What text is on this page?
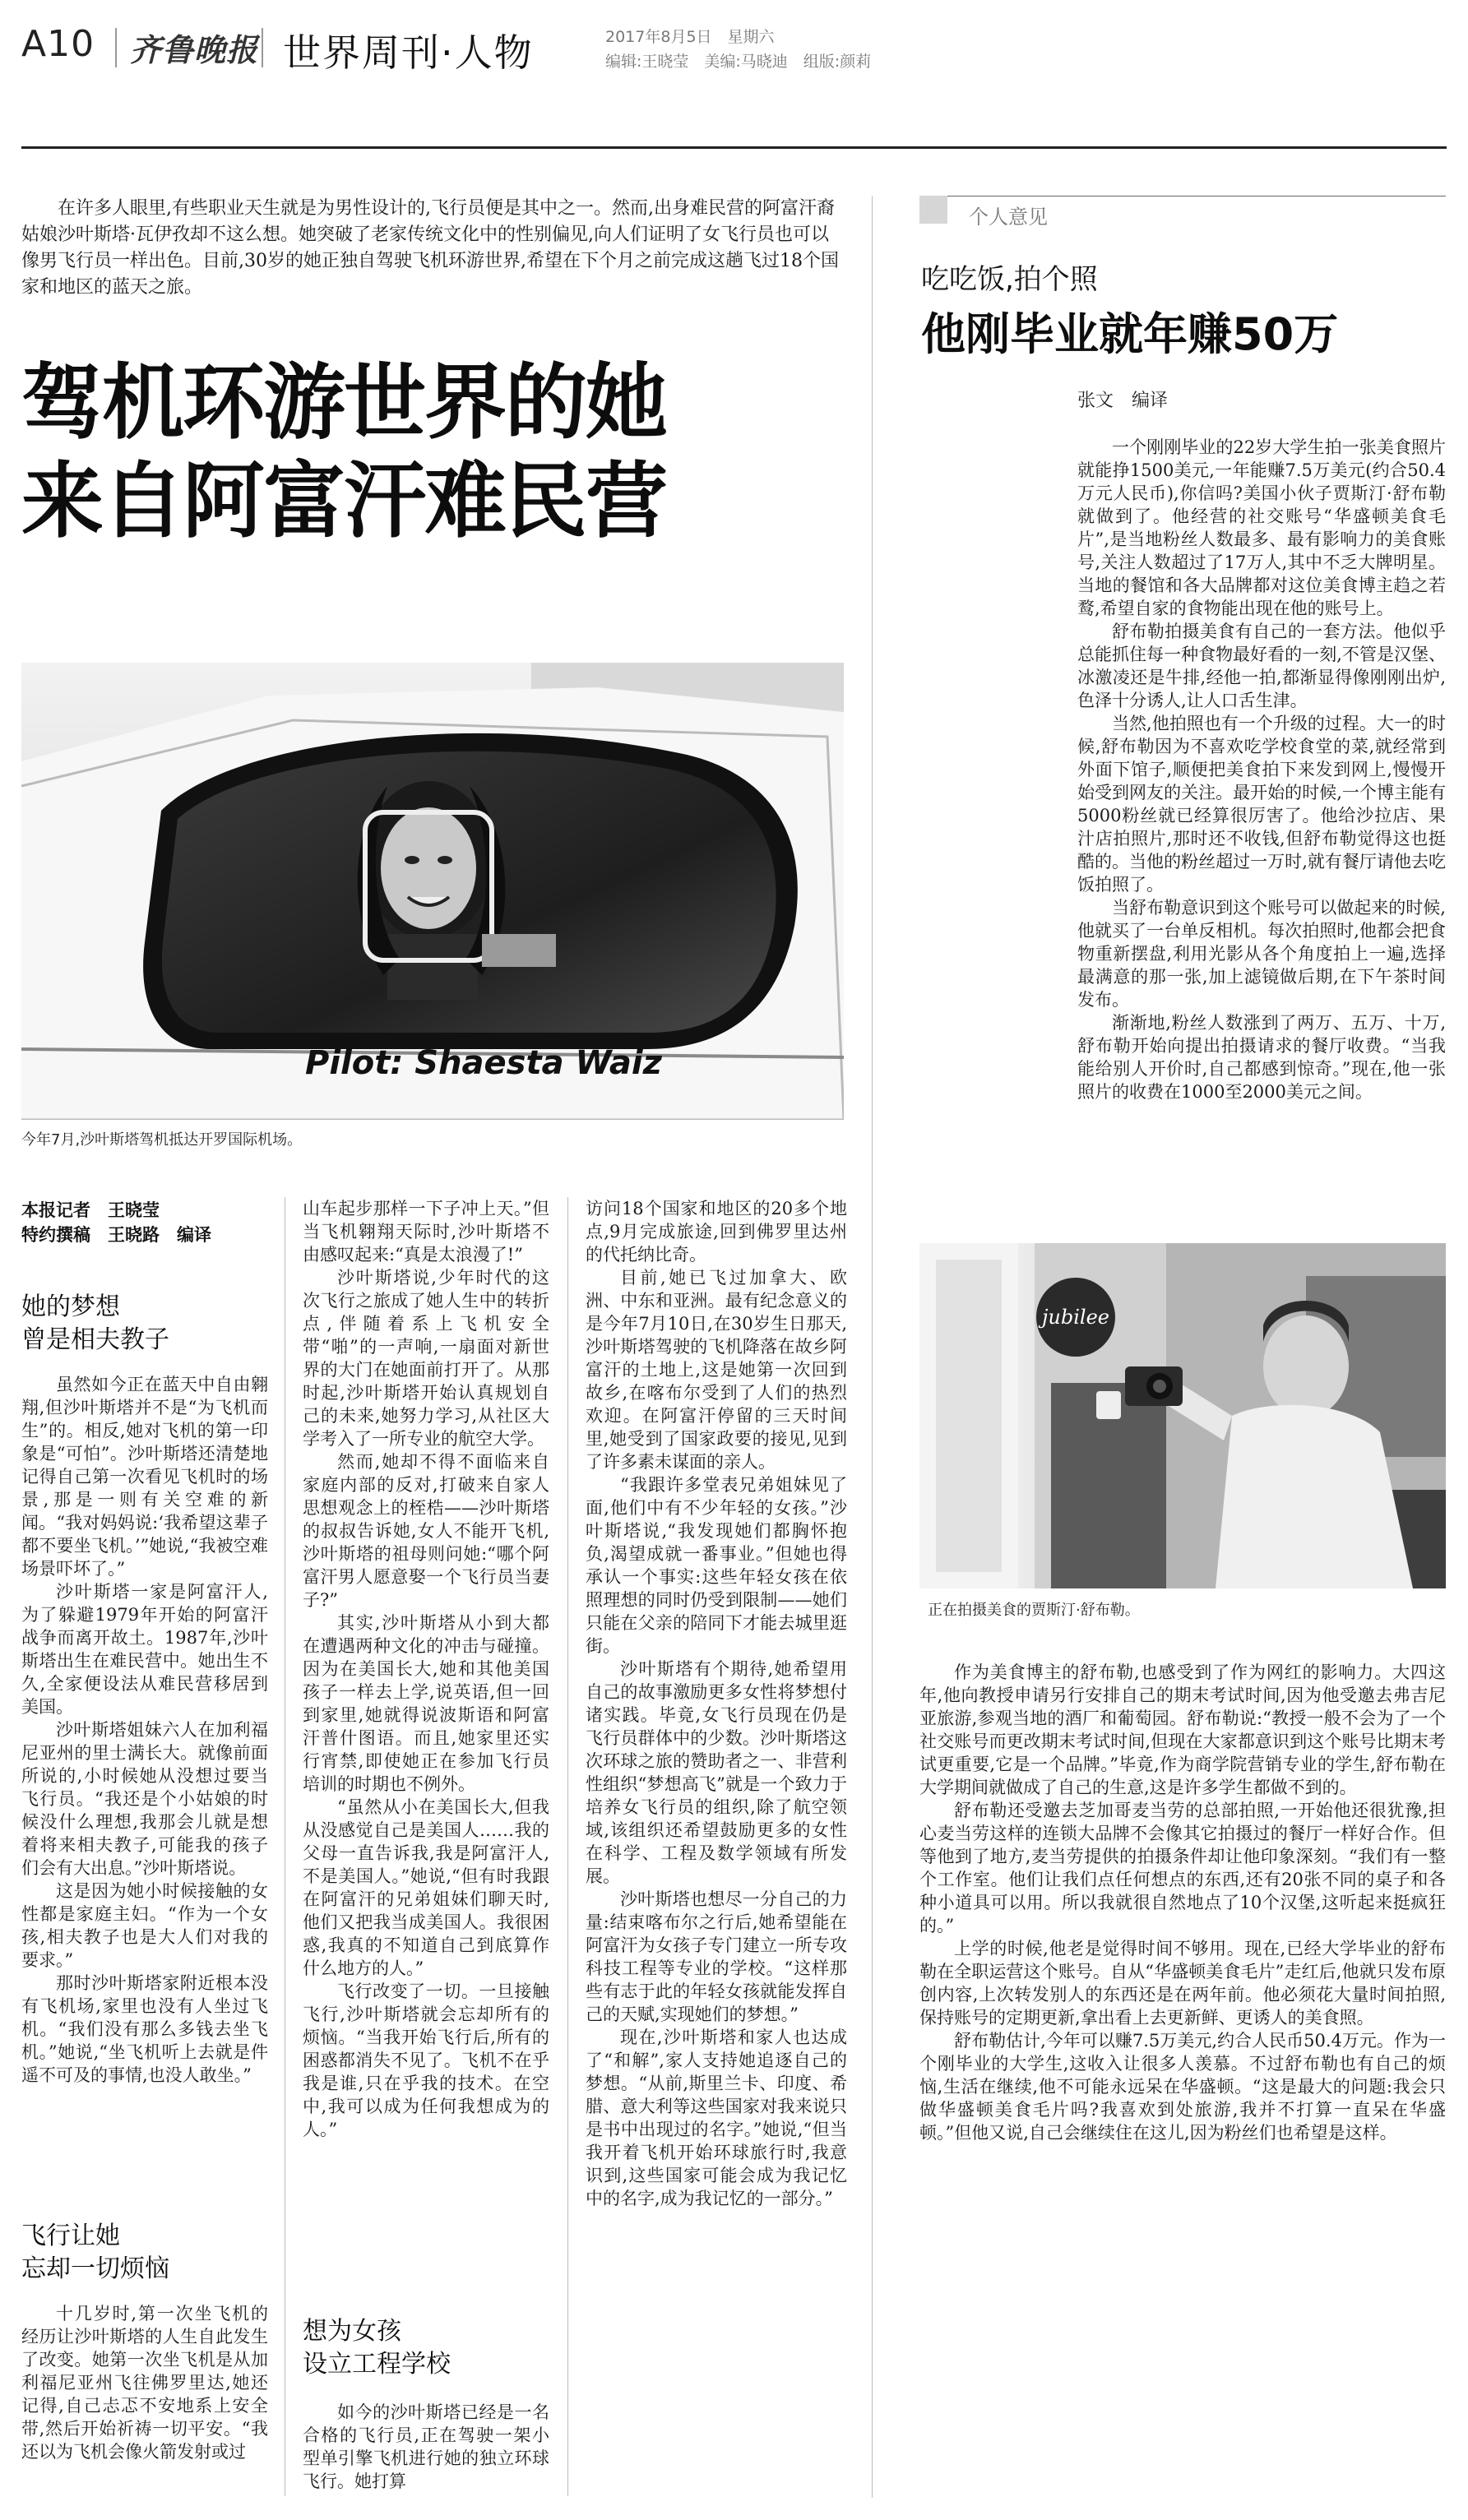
A10 齐鲁晚报 世界周刊·人物	2017年8月5日　星期六
编辑:王晓莹　美编:马晓迪　组版:颜莉
在许多人眼里,有些职业天生就是为男性设计的,飞行员便是其中之一。然而,出身难民营的阿富汗裔姑娘沙叶斯塔·瓦伊孜却不这么想。她突破了老家传统文化中的性别偏见,向人们证明了女飞行员也可以像男飞行员一样出色。目前,30岁的她正独自驾驶飞机环游世界,希望在下个月之前完成这趟飞过18个国家和地区的蓝天之旅。
驾机环游世界的她
来自阿富汗难民营
Pilot: Shaesta Waiz
今年7月,沙叶斯塔驾机抵达开罗国际机场。
本报记者　王晓莹
特约撰稿　王晓路　编译
她的梦想
曾是相夫教子

虽然如今正在蓝天中自由翱翔,但沙叶斯塔并不是“为飞机而生”的。相反,她对飞机的第一印象是“可怕”。沙叶斯塔还清楚地记得自己第一次看见飞机时的场景,那是一则有关空难的新闻。“我对妈妈说:‘我希望这辈子都不要坐飞机。’”她说,“我被空难场景吓坏了。”

沙叶斯塔一家是阿富汗人,为了躲避1979年开始的阿富汗战争而离开故土。1987年,沙叶斯塔出生在难民营中。她出生不久,全家便设法从难民营移居到美国。

沙叶斯塔姐妹六人在加利福尼亚州的里士满长大。就像前面所说的,小时候她从没想过要当飞行员。“我还是个小姑娘的时候没什么理想,我那会儿就是想着将来相夫教子,可能我的孩子们会有大出息。”沙叶斯塔说。

这是因为她小时候接触的女性都是家庭主妇。“作为一个女孩,相夫教子也是大人们对我的要求。”

那时沙叶斯塔家附近根本没有飞机场,家里也没有人坐过飞机。“我们没有那么多钱去坐飞机。”她说,“坐飞机听上去就是件遥不可及的事情,也没人敢坐。”

飞行让她
忘却一切烦恼

十几岁时,第一次坐飞机的经历让沙叶斯塔的人生自此发生了改变。她第一次坐飞机是从加利福尼亚州飞往佛罗里达,她还记得,自己忐忑不安地系上安全带,然后开始祈祷一切平安。“我还以为飞机会像火箭发射或过

山车起步那样一下子冲上天。”但当飞机翱翔天际时,沙叶斯塔不由感叹起来:“真是太浪漫了!”

沙叶斯塔说,少年时代的这次飞行之旅成了她人生中的转折点,伴随着系上飞机安全带“啪”的一声响,一扇面对新世界的大门在她面前打开了。从那时起,沙叶斯塔开始认真规划自己的未来,她努力学习,从社区大学考入了一所专业的航空大学。

然而,她却不得不面临来自家庭内部的反对,打破来自家人思想观念上的桎梏——沙叶斯塔的叔叔告诉她,女人不能开飞机,沙叶斯塔的祖母则问她:“哪个阿富汗男人愿意娶一个飞行员当妻子?”

其实,沙叶斯塔从小到大都在遭遇两种文化的冲击与碰撞。因为在美国长大,她和其他美国孩子一样去上学,说英语,但一回到家里,她就得说波斯语和阿富汗普什图语。而且,她家里还实行宵禁,即使她正在参加飞行员培训的时期也不例外。

“虽然从小在美国长大,但我从没感觉自己是美国人……我的父母一直告诉我,我是阿富汗人,不是美国人。”她说,“但有时我跟在阿富汗的兄弟姐妹们聊天时,他们又把我当成美国人。我很困惑,我真的不知道自己到底算作什么地方的人。”

飞行改变了一切。一旦接触飞行,沙叶斯塔就会忘却所有的烦恼。“当我开始飞行后,所有的困惑都消失不见了。飞机不在乎我是谁,只在乎我的技术。在空中,我可以成为任何我想成为的人。”

想为女孩
设立工程学校

如今的沙叶斯塔已经是一名合格的飞行员,正在驾驶一架小型单引擎飞机进行她的独立环球飞行。她打算

访问18个国家和地区的20多个地点,9月完成旅途,回到佛罗里达州的代托纳比奇。

目前,她已飞过加拿大、欧洲、中东和亚洲。最有纪念意义的是今年7月10日,在30岁生日那天,沙叶斯塔驾驶的飞机降落在故乡阿富汗的土地上,这是她第一次回到故乡,在喀布尔受到了人们的热烈欢迎。在阿富汗停留的三天时间里,她受到了国家政要的接见,见到了许多素未谋面的亲人。

“我跟许多堂表兄弟姐妹见了面,他们中有不少年轻的女孩。”沙叶斯塔说,“我发现她们都胸怀抱负,渴望成就一番事业。”但她也得承认一个事实:这些年轻女孩在依照理想的同时仍受到限制——她们只能在父亲的陪同下才能去城里逛街。

沙叶斯塔有个期待,她希望用自己的故事激励更多女性将梦想付诸实践。毕竟,女飞行员现在仍是飞行员群体中的少数。沙叶斯塔这次环球之旅的赞助者之一、非营利性组织“梦想高飞”就是一个致力于培养女飞行员的组织,除了航空领域,该组织还希望鼓励更多的女性在科学、工程及数学领域有所发展。

沙叶斯塔也想尽一分自己的力量:结束喀布尔之行后,她希望能在阿富汗为女孩子专门建立一所专攻科技工程等专业的学校。“这样那些有志于此的年轻女孩就能发挥自己的天赋,实现她们的梦想。”

现在,沙叶斯塔和家人也达成了“和解”,家人支持她追逐自己的梦想。“从前,斯里兰卡、印度、希腊、意大利等这些国家对我来说只是书中出现过的名字。”她说,“但当我开着飞机开始环球旅行时,我意识到,这些国家可能会成为我记忆中的名字,成为我记忆的一部分。”

个人意见
吃吃饭,拍个照
他刚毕业就年赚50万
张文　编译

一个刚刚毕业的22岁大学生拍一张美食照片就能挣1500美元,一年能赚7.5万美元(约合50.4万元人民币),你信吗?美国小伙子贾斯汀·舒布勒就做到了。他经营的社交账号“华盛顿美食毛片”,是当地粉丝人数最多、最有影响力的美食账号,关注人数超过了17万人,其中不乏大牌明星。当地的餐馆和各大品牌都对这位美食博主趋之若鹜,希望自家的食物能出现在他的账号上。

舒布勒拍摄美食有自己的一套方法。他似乎总能抓住每一种食物最好看的一刻,不管是汉堡、冰激凌还是牛排,经他一拍,都渐显得像刚刚出炉,色泽十分诱人,让人口舌生津。

当然,他拍照也有一个升级的过程。大一的时候,舒布勒因为不喜欢吃学校食堂的菜,就经常到外面下馆子,顺便把美食拍下来发到网上,慢慢开始受到网友的关注。最开始的时候,一个博主能有5000粉丝就已经算很厉害了。他给沙拉店、果汁店拍照片,那时还不收钱,但舒布勒觉得这也挺酷的。当他的粉丝超过一万时,就有餐厅请他去吃饭拍照了。

当舒布勒意识到这个账号可以做起来的时候,他就买了一台单反相机。每次拍照时,他都会把食物重新摆盘,利用光影从各个角度拍上一遍,选择最满意的那一张,加上滤镜做后期,在下午茶时间发布。

渐渐地,粉丝人数涨到了两万、五万、十万,舒布勒开始向提出拍摄请求的餐厅收费。“当我能给别人开价时,自己都感到惊奇。”现在,他一张照片的收费在1000至2000美元之间。

jubilee
正在拍摄美食的贾斯汀·舒布勒。

作为美食博主的舒布勒,也感受到了作为网红的影响力。大四这年,他向教授申请另行安排自己的期末考试时间,因为他受邀去弗吉尼亚旅游,参观当地的酒厂和葡萄园。舒布勒说:“教授一般不会为了一个社交账号而更改期末考试时间,但现在大家都意识到这个账号比期末考试更重要,它是一个品牌。”毕竟,作为商学院营销专业的学生,舒布勒在大学期间就做成了自己的生意,这是许多学生都做不到的。

舒布勒还受邀去芝加哥麦当劳的总部拍照,一开始他还很犹豫,担心麦当劳这样的连锁大品牌不会像其它拍摄过的餐厅一样好合作。但等他到了地方,麦当劳提供的拍摄条件却让他印象深刻。“我们有一整个工作室。他们让我们点任何想点的东西,还有20张不同的桌子和各种小道具可以用。所以我就很自然地点了10个汉堡,这听起来挺疯狂的。”

上学的时候,他老是觉得时间不够用。现在,已经大学毕业的舒布勒在全职运营这个账号。自从“华盛顿美食毛片”走红后,他就只发布原创内容,上次转发别人的东西还是在两年前。他必须花大量时间拍照,保持账号的定期更新,拿出看上去更新鲜、更诱人的美食照。

舒布勒估计,今年可以赚7.5万美元,约合人民币50.4万元。作为一个刚毕业的大学生,这收入让很多人羡慕。不过舒布勒也有自己的烦恼,生活在继续,他不可能永远呆在华盛顿。“这是最大的问题:我会只做华盛顿美食毛片吗?我喜欢到处旅游,我并不打算一直呆在华盛顿。”但他又说,自己会继续住在这儿,因为粉丝们也希望是这样。
